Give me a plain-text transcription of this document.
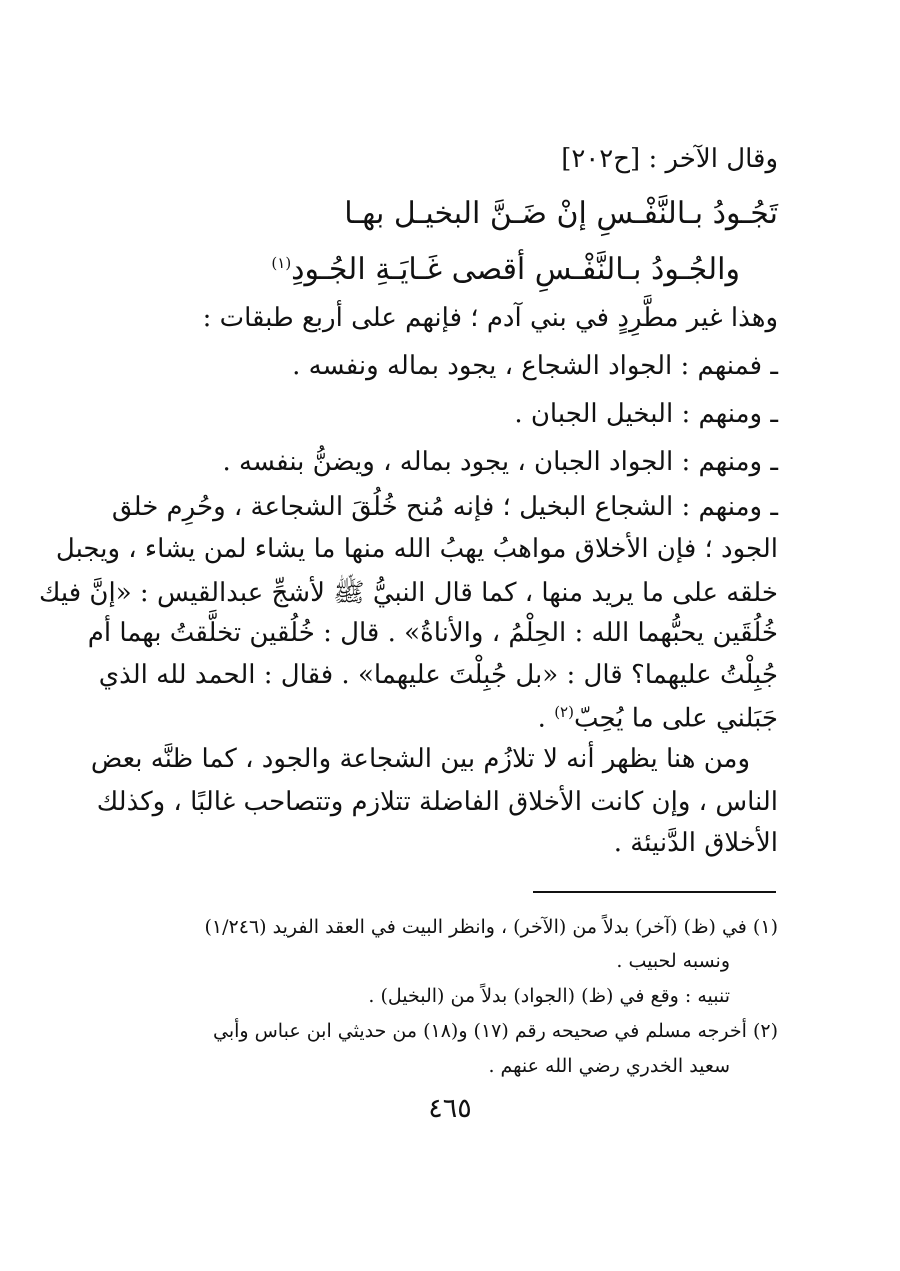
وقال الآخر : [ح٢٠٢]
تَجُـودُ بـالنَّفْـسِ إنْ ضَـنَّ البخيـل بهـا
والجُـودُ بـالنَّفْـسِ أقصى غَـايَـةِ الجُـودِ$^{(١)}$
وهذا غير مطَّرِدٍ في بني آدم ؛ فإنهم على أربع طبقات :
ـ فمنهم : الجواد الشجاع ، يجود بماله ونفسه .
ـ ومنهم : البخيل الجبان .
ـ ومنهم : الجواد الجبان ، يجود بماله ، ويضنُّ بنفسه .
ـ ومنهم : الشجاع البخيل ؛ فإنه مُنح خُلُقَ الشجاعة ، وحُرِم خلق
الجود ؛ فإن الأخلاق مواهبُ يهبُ الله منها ما يشاء لمن يشاء ، ويجبل
خلقه على ما يريد منها ، كما قال النبيُّ ﷺ لأشجِّ عبدالقيس : «إنَّ فيك
خُلُقَين يحبُّهما الله : الحِلْمُ ، والأناةُ» . قال : خُلُقين تخلَّقتُ بهما أم
جُبِلْتُ عليهما؟ قال : «بل جُبِلْتَ عليهما» . فقال : الحمد لله الذي
جَبَلني على ما يُحِبّ$^{(٢)}$ .
ومن هنا يظهر أنه لا تلازُم بين الشجاعة والجود ، كما ظنَّه بعض
الناس ، وإن كانت الأخلاق الفاضلة تتلازم وتتصاحب غالبًا ، وكذلك
الأخلاق الدَّنيئة .
(١) في (ظ) (آخر) بدلاً من (الآخر) ، وانظر البيت في العقد الفريد (١/٢٤٦)
ونسبه لحبيب .
تنبيه : وقع في (ظ) (الجواد) بدلاً من (البخيل) .
(٢) أخرجه مسلم في صحيحه رقم (١٧) و(١٨) من حديثي ابن عباس وأبي
سعيد الخدري رضي الله عنهم .
٤٦٥
